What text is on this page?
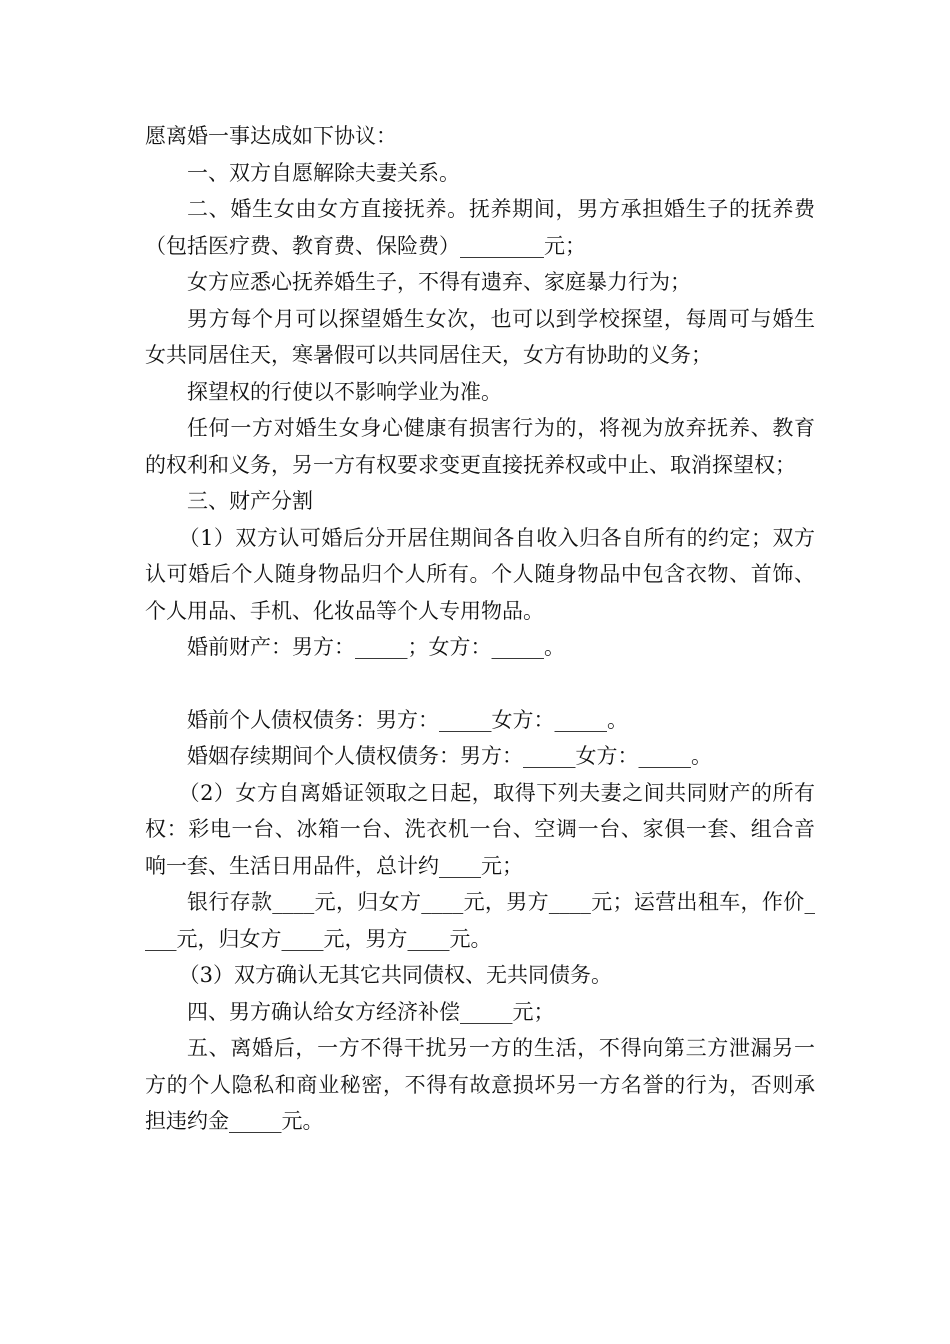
愿离婚一事达成如下协议：

一、双方自愿解除夫妻关系。

二、婚生女由女方直接抚养。抚养期间，男方承担婚生子的抚养费（包括医疗费、教育费、保险费）________元；

女方应悉心抚养婚生子，不得有遗弃、家庭暴力行为；

男方每个月可以探望婚生女次，也可以到学校探望，每周可与婚生女共同居住天，寒暑假可以共同居住天，女方有协助的义务；

探望权的行使以不影响学业为准。

任何一方对婚生女身心健康有损害行为的，将视为放弃抚养、教育的权利和义务，另一方有权要求变更直接抚养权或中止、取消探望权；

三、财产分割

（1）双方认可婚后分开居住期间各自收入归各自所有的约定；双方认可婚后个人随身物品归个人所有。个人随身物品中包含衣物、首饰、个人用品、手机、化妆品等个人专用物品。

婚前财产：男方：_____；女方：_____。

婚前个人债权债务：男方：_____女方：_____。

婚姻存续期间个人债权债务：男方：_____女方：_____。

（2）女方自离婚证领取之日起，取得下列夫妻之间共同财产的所有权：彩电一台、冰箱一台、洗衣机一台、空调一台、家俱一套、组合音响一套、生活日用品件，总计约____元；

银行存款____元，归女方____元，男方____元；运营出租车，作价____元，归女方____元，男方____元。

（3）双方确认无其它共同债权、无共同债务。

四、男方确认给女方经济补偿_____元；

五、离婚后，一方不得干扰另一方的生活，不得向第三方泄漏另一方的个人隐私和商业秘密，不得有故意损坏另一方名誉的行为，否则承担违约金_____元。
